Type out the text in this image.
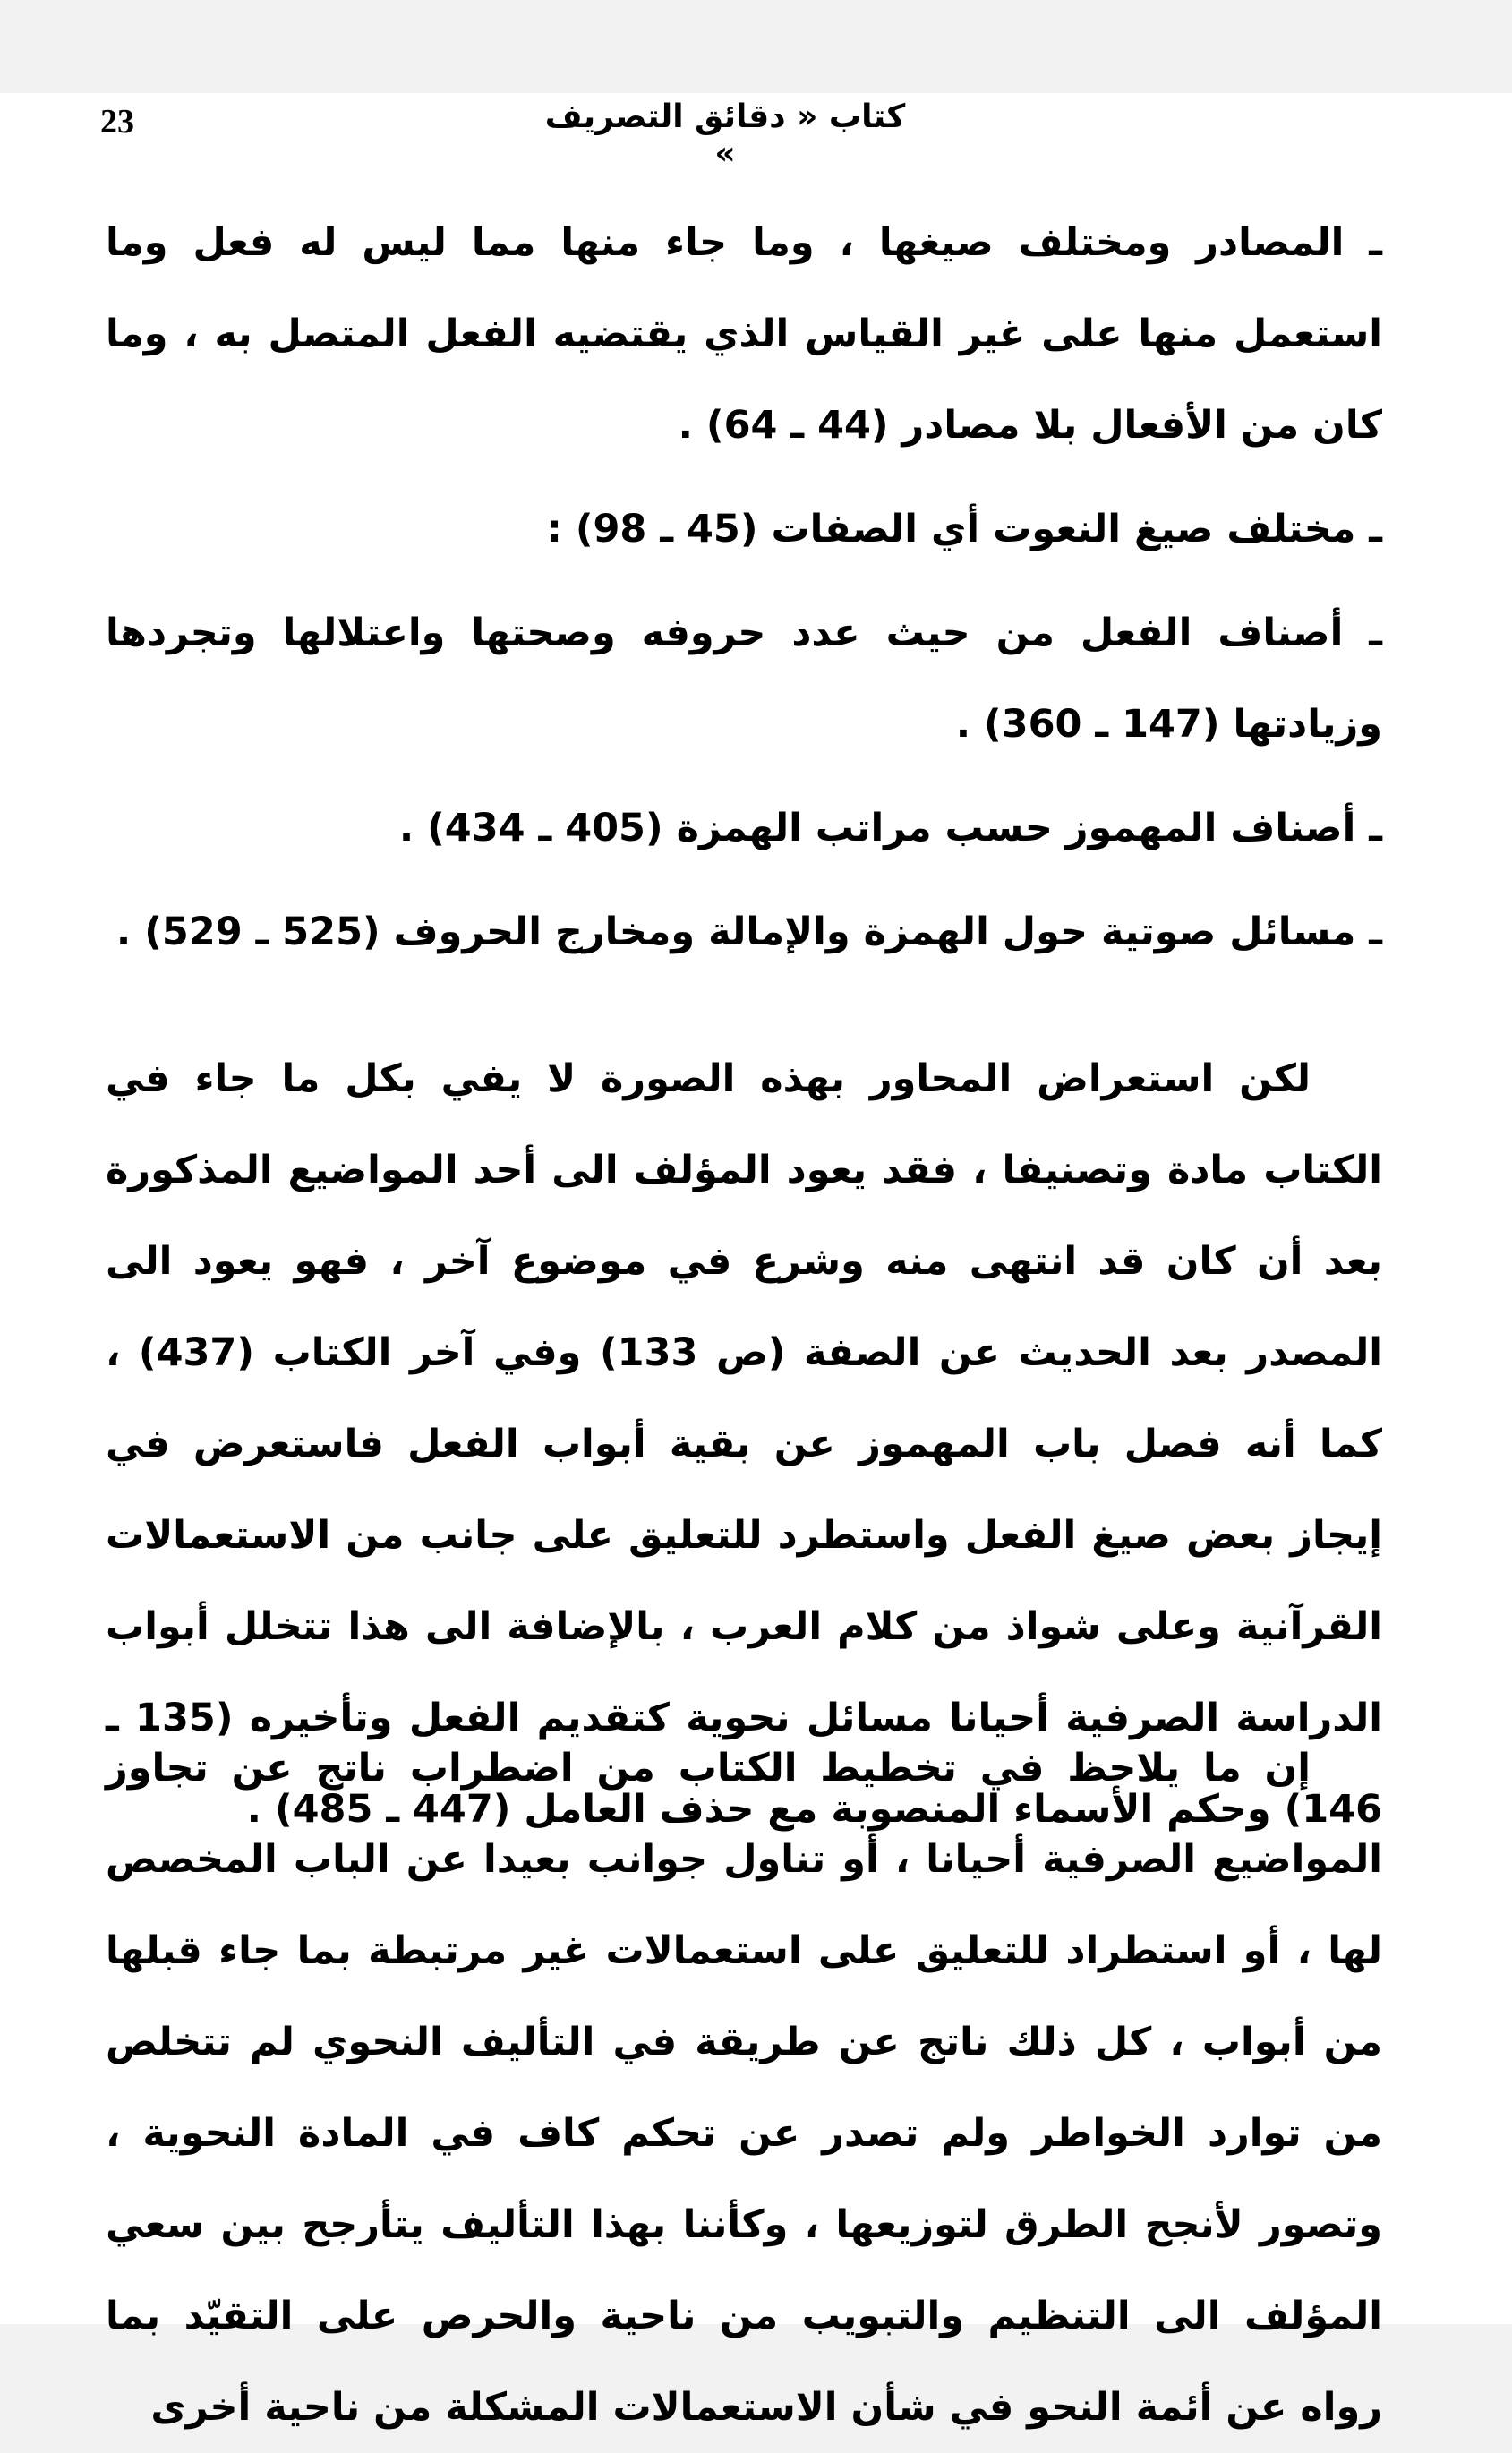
23	كتاب « دقائق التصريف »

ـ المصادر ومختلف صيغها ، وما جاء منها مما ليس له فعل وما استعمل منها على غير القياس الذي يقتضيه الفعل المتصل به ، وما كان من الأفعال بلا مصادر (44 ـ 64) .

ـ مختلف صيغ النعوت أي الصفات (45 ـ 98) :

ـ أصناف الفعل من حيث عدد حروفه وصحتها واعتلالها وتجردها وزيادتها (147 ـ 360) .

ـ أصناف المهموز حسب مراتب الهمزة (405 ـ 434) .

ـ مسائل صوتية حول الهمزة والإمالة ومخارج الحروف (525 ـ 529) .

لكن استعراض المحاور بهذه الصورة لا يفي بكل ما جاء في الكتاب مادة وتصنيفا ، فقد يعود المؤلف الى أحد المواضيع المذكورة بعد أن كان قد انتهى منه وشرع في موضوع آخر ، فهو يعود الى المصدر بعد الحديث عن الصفة (ص 133) وفي آخر الكتاب (437) ، كما أنه فصل باب المهموز عن بقية أبواب الفعل فاستعرض في إيجاز بعض صيغ الفعل واستطرد للتعليق على جانب من الاستعمالات القرآنية وعلى شواذ من كلام العرب ، بالإضافة الى هذا تتخلل أبواب الدراسة الصرفية أحيانا مسائل نحوية كتقديم الفعل وتأخيره (135 ـ 146) وحكم الأسماء المنصوبة مع حذف العامل (447 ـ 485) .

إن ما يلاحظ في تخطيط الكتاب من اضطراب ناتج عن تجاوز المواضيع الصرفية أحيانا ، أو تناول جوانب بعيدا عن الباب المخصص لها ، أو استطراد للتعليق على استعمالات غير مرتبطة بما جاء قبلها من أبواب ، كل ذلك ناتج عن طريقة في التأليف النحوي لم تتخلص من توارد الخواطر ولم تصدر عن تحكم كاف في المادة النحوية ، وتصور لأنجح الطرق لتوزيعها ، وكأننا بهذا التأليف يتأرجح بين سعي المؤلف الى التنظيم والتبويب من ناحية والحرص على التقيّد بما رواه عن أئمة النحو في شأن الاستعمالات المشكلة من ناحية أخرى
